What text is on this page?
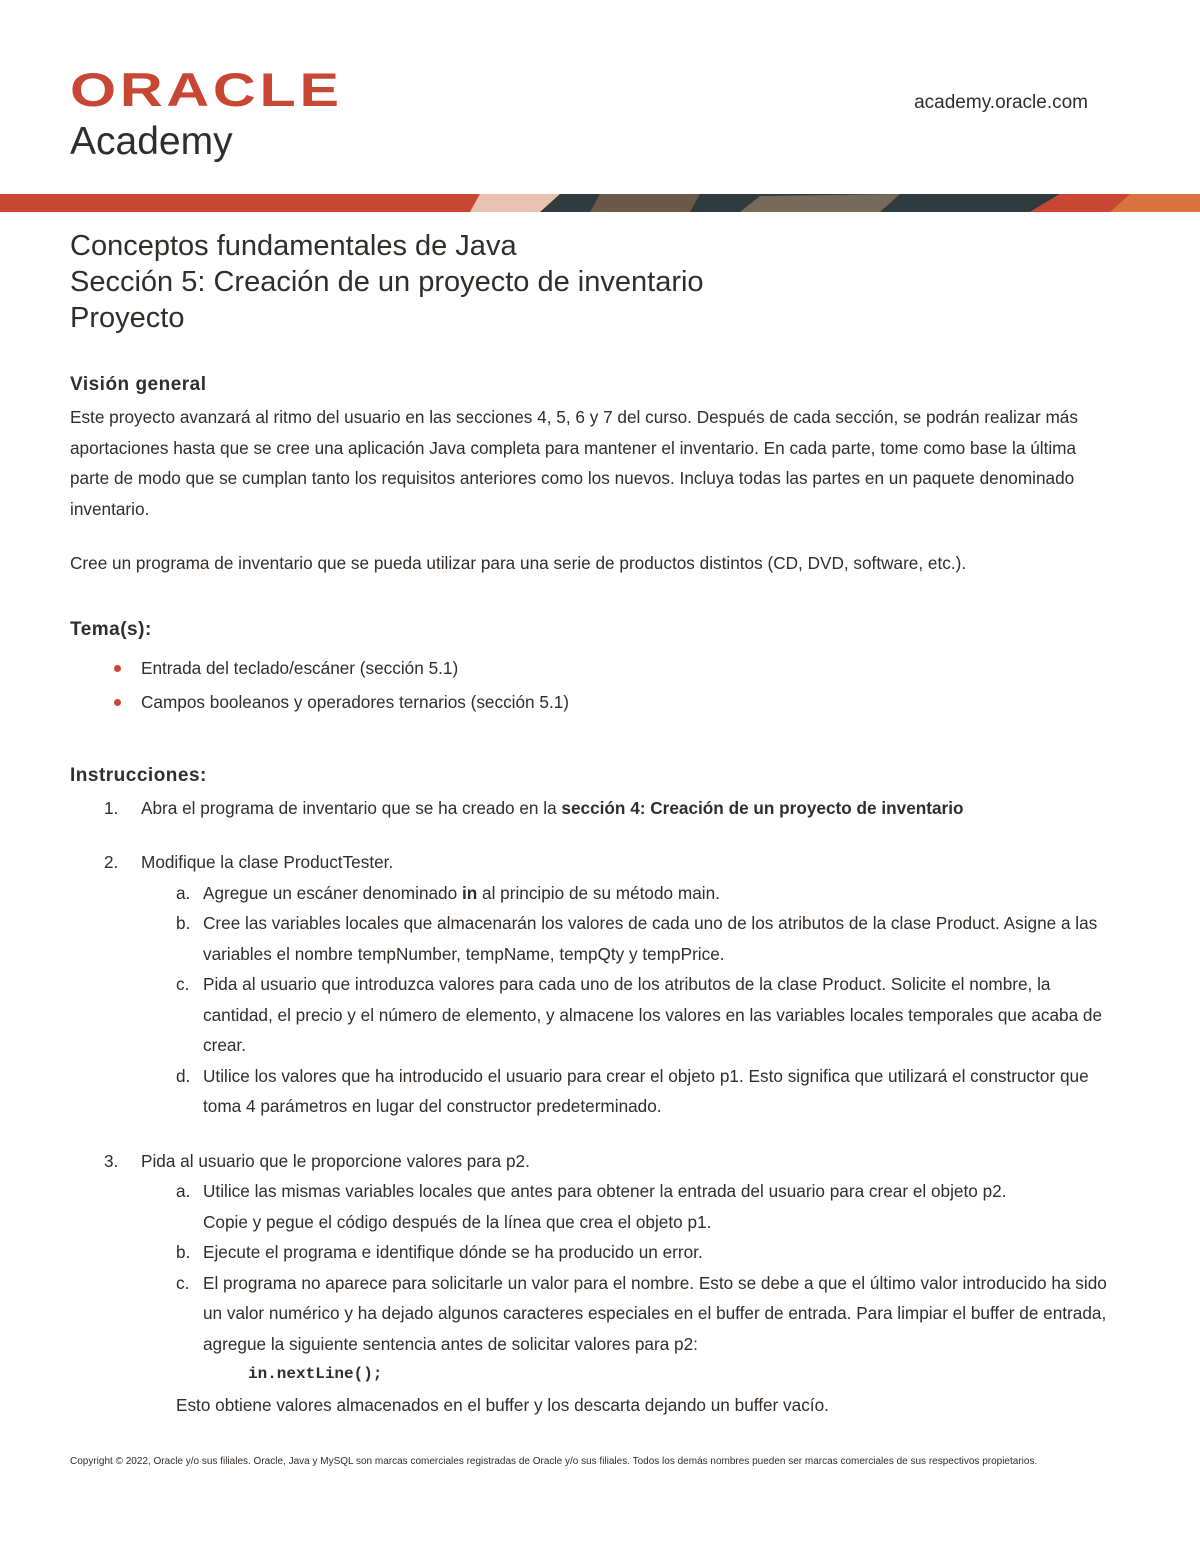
ORACLE
Academy
academy.oracle.com
Conceptos fundamentales de Java
Sección 5: Creación de un proyecto de inventario
Proyecto
Visión general

Este proyecto avanzará al ritmo del usuario en las secciones 4, 5, 6 y 7 del curso. Después de cada sección, se podrán realizar más aportaciones hasta que se cree una aplicación Java completa para mantener el inventario. En cada parte, tome como base la última parte de modo que se cumplan tanto los requisitos anteriores como los nuevos. Incluya todas las partes en un paquete denominado inventario.

Cree un programa de inventario que se pueda utilizar para una serie de productos distintos (CD, DVD, software, etc.).

Tema(s):
Entrada del teclado/escáner (sección 5.1)
Campos booleanos y operadores ternarios (sección 5.1)
Instrucciones:
1. Abra el programa de inventario que se ha creado en la sección 4: Creación de un proyecto de inventario
2. Modifique la clase ProductTester.
a. Agregue un escáner denominado in al principio de su método main.
b. Cree las variables locales que almacenarán los valores de cada uno de los atributos de la clase Product. Asigne a las variables el nombre tempNumber, tempName, tempQty y tempPrice.
c. Pida al usuario que introduzca valores para cada uno de los atributos de la clase Product. Solicite el nombre, la cantidad, el precio y el número de elemento, y almacene los valores en las variables locales temporales que acaba de crear.
d. Utilice los valores que ha introducido el usuario para crear el objeto p1. Esto significa que utilizará el constructor que toma 4 parámetros en lugar del constructor predeterminado.
3. Pida al usuario que le proporcione valores para p2.
a. Utilice las mismas variables locales que antes para obtener la entrada del usuario para crear el objeto p2.
Copie y pegue el código después de la línea que crea el objeto p1.
b. Ejecute el programa e identifique dónde se ha producido un error.
c. El programa no aparece para solicitarle un valor para el nombre. Esto se debe a que el último valor introducido ha sido un valor numérico y ha dejado algunos caracteres especiales en el buffer de entrada. Para limpiar el buffer de entrada, agregue la siguiente sentencia antes de solicitar valores para p2:
in.nextLine();
Esto obtiene valores almacenados en el buffer y los descarta dejando un buffer vacío.
Copyright © 2022, Oracle y/o sus filiales. Oracle, Java y MySQL son marcas comerciales registradas de Oracle y/o sus filiales. Todos los demás nombres pueden ser marcas comerciales de sus respectivos propietarios.
